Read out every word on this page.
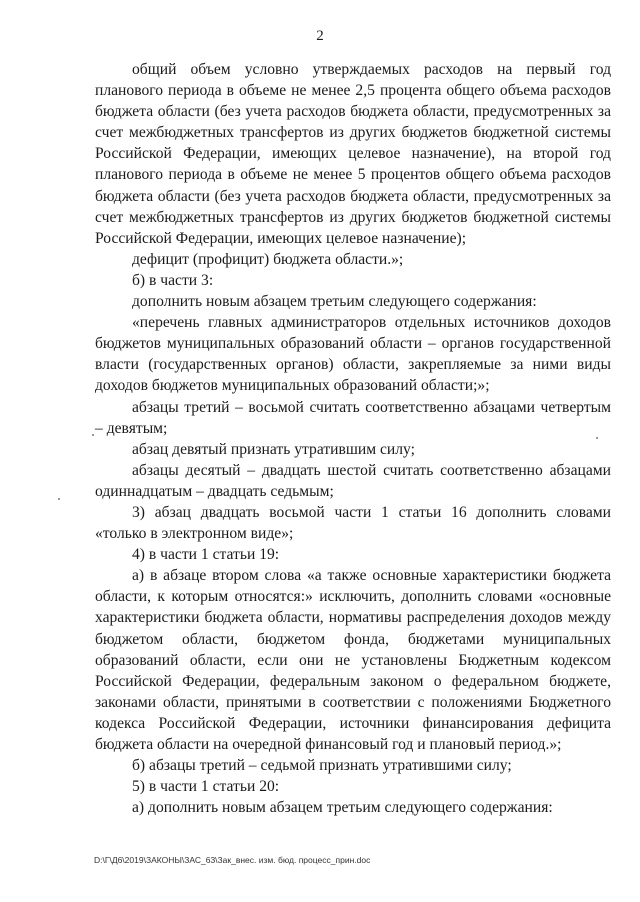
2

общий объем условно утверждаемых расходов на первый год планового периода в объеме не менее 2,5 процента общего объема расходов бюджета области (без учета расходов бюджета области, предусмотренных за счет межбюджетных трансфертов из других бюджетов бюджетной системы Российской Федерации, имеющих целевое назначение), на второй год планового периода в объеме не менее 5 процентов общего объема расходов бюджета области (без учета расходов бюджета области, предусмотренных за счет межбюджетных трансфертов из других бюджетов бюджетной системы Российской Федерации, имеющих целевое назначение);

дефицит (профицит) бюджета области.»;

б) в части 3:

дополнить новым абзацем третьим следующего содержания:

«перечень главных администраторов отдельных источников доходов бюджетов муниципальных образований области – органов государственной власти (государственных органов) области, закрепляемые за ними виды доходов бюджетов муниципальных образований области;»;

абзацы третий – восьмой считать соответственно абзацами четвертым – девятым;

абзац девятый признать утратившим силу;

абзацы десятый – двадцать шестой считать соответственно абзацами одиннадцатым – двадцать седьмым;

3) абзац двадцать восьмой части 1 статьи 16 дополнить словами «только в электронном виде»;

4) в части 1 статьи 19:

а) в абзаце втором слова «а также основные характеристики бюджета области, к которым относятся:» исключить, дополнить словами «основные характеристики бюджета области, нормативы распределения доходов между бюджетом области, бюджетом фонда, бюджетами муниципальных образований области, если они не установлены Бюджетным кодексом Российской Федерации, федеральным законом о федеральном бюджете, законами области, принятыми в соответствии с положениями Бюджетного кодекса Российской Федерации, источники финансирования дефицита бюджета области на очередной финансовый год и плановый период.»;

б) абзацы третий – седьмой признать утратившими силу;

5) в части 1 статьи 20:

а) дополнить новым абзацем третьим следующего содержания:

D:\Г\Д6\2019\ЗАКОНЫ\ЗАС_63\Зак_внес. изм. бюд. процесс_прин.doc
